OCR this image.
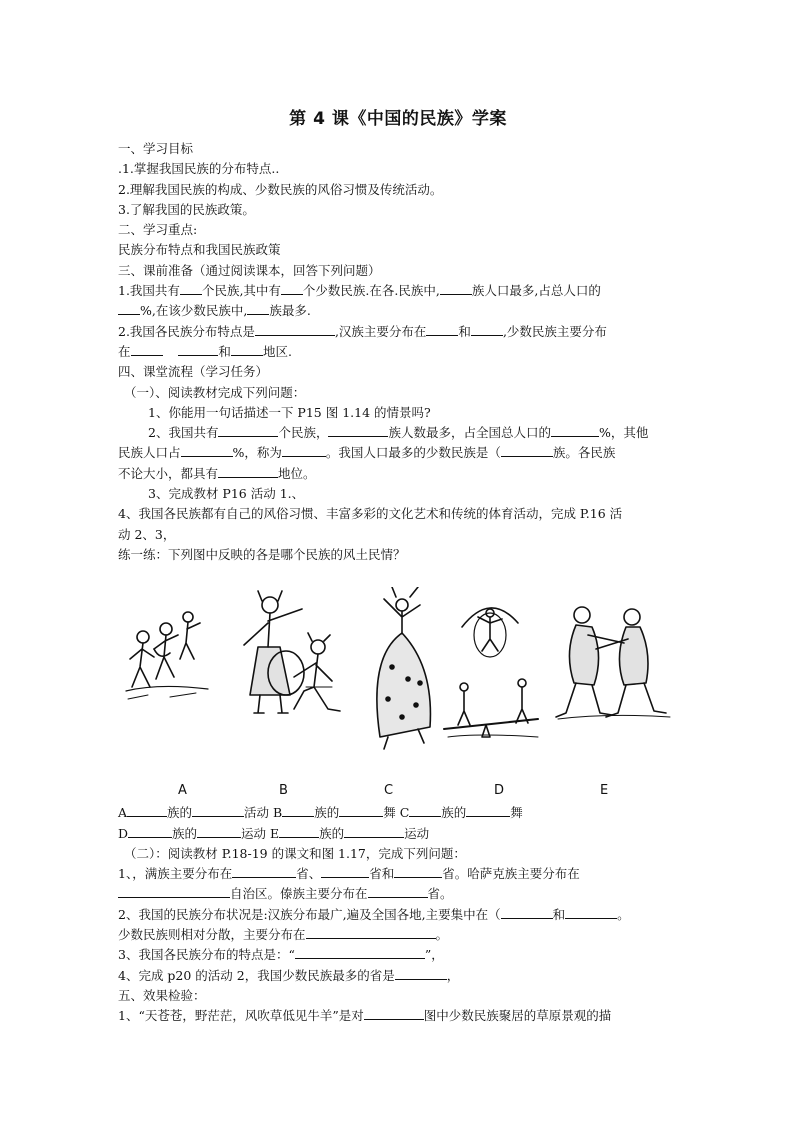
第 4 课《中国的民族》学案
一、学习目标
.1.掌握我国民族的分布特点..
2.理解我国民族的构成、少数民族的风俗习惯及传统活动。
3.了解我国的民族政策。
二、学习重点:
民族分布特点和我国民族政策
三、课前准备（通过阅读课本，回答下列问题）
1.我国共有 个民族,其中有 个少数民族.在各.民族中,	族人口最多,占总人口的
%,在该少数民族中, 族最多.
2.我国各民族分布特点是	,汉族主要分布在	和	,少数民族主要分布
在	和	地区.
四、课堂流程（学习任务）
（一）、阅读教材完成下列问题：
1、你能用一句话描述一下 P15 图 1.14 的情景吗?
2、我国共有	个民族，	族人数最多，占全国总人口的	%，其他
民族人口占	%，称为	。我国人口最多的少数民族是（	族。各民族
不论大小，都具有	地位。
3、完成教材 P16 活动 1.、
4、我国各民族都有自己的风俗习惯、丰富多彩的文化艺术和传统的体育活动，完成 P.16 活
动 2、3，
练一练：下列图中反映的各是哪个民族的风土民情？
A	B	C	D	E
A	族的	活动 B	族的	舞 C	族的	舞
D	族的	运动 E	族的	运动
（二）：阅读教材 P.18-19 的课文和图 1.17，完成下列问题：
1、，满族主要分布在	省、	省和	省。哈萨克族主要分布在
自治区。傣族主要分布在	省。
2、我国的民族分布状况是:汉族分布最广,遍及全国各地,主要集中在（	和	。
少数民族则相对分散，主要分布在	。
3、我国各民族分布的特点是：“	”，
4、完成 p20 的活动 2，我国少数民族最多的省是	，
五、效果检验：
1、“天苍苍，野茫茫，风吹草低见牛羊”是对	图中少数民族聚居的草原景观的描
